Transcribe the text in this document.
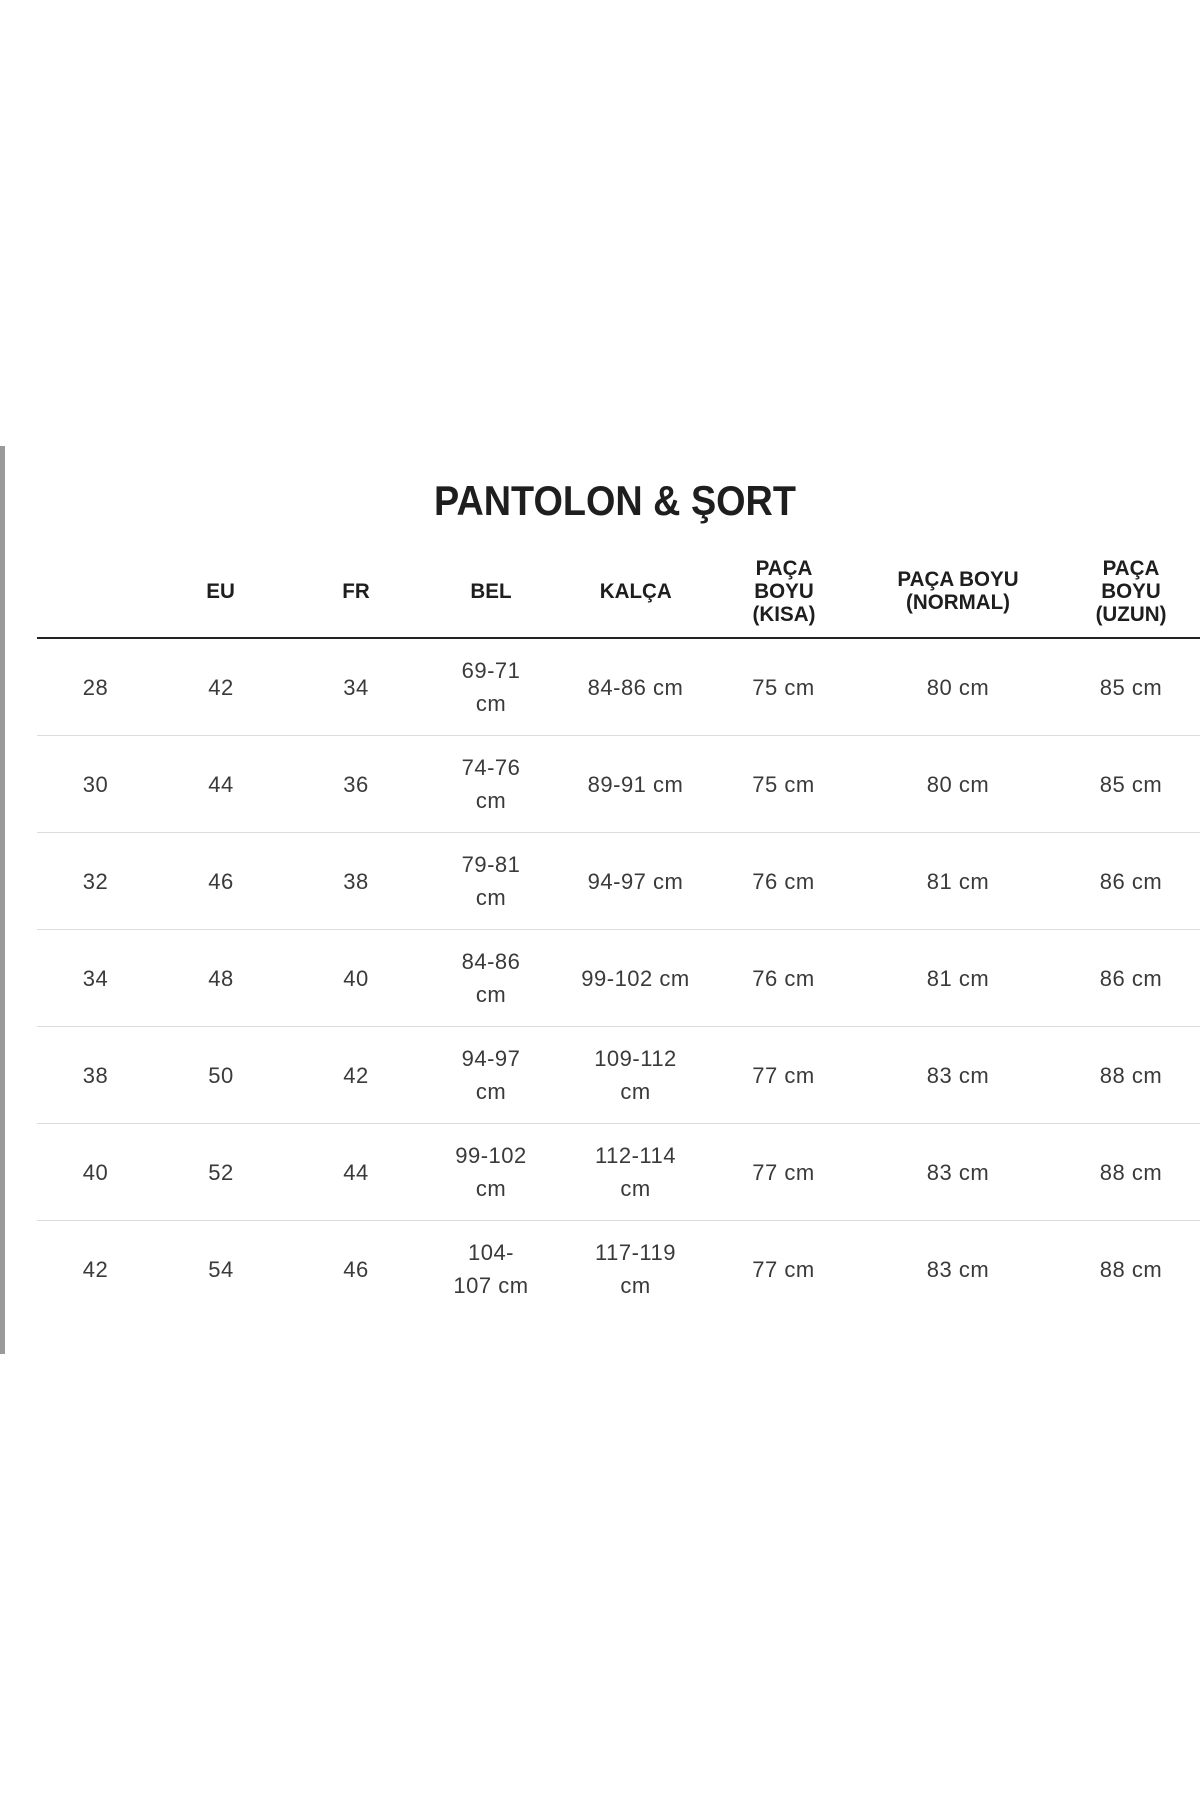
PANTOLON & ŞORT
	EU	FR	BEL	KALÇA	PAÇA BOYU (KISA)	PAÇA BOYU (NORMAL)	PAÇA BOYU (UZUN)
28	42	34	69-71 cm	84-86 cm	75 cm	80 cm	85 cm
30	44	36	74-76 cm	89-91 cm	75 cm	80 cm	85 cm
32	46	38	79-81 cm	94-97 cm	76 cm	81 cm	86 cm
34	48	40	84-86 cm	99-102 cm	76 cm	81 cm	86 cm
38	50	42	94-97 cm	109-112 cm	77 cm	83 cm	88 cm
40	52	44	99-102 cm	112-114 cm	77 cm	83 cm	88 cm
42	54	46	104-107 cm	117-119 cm	77 cm	83 cm	88 cm
